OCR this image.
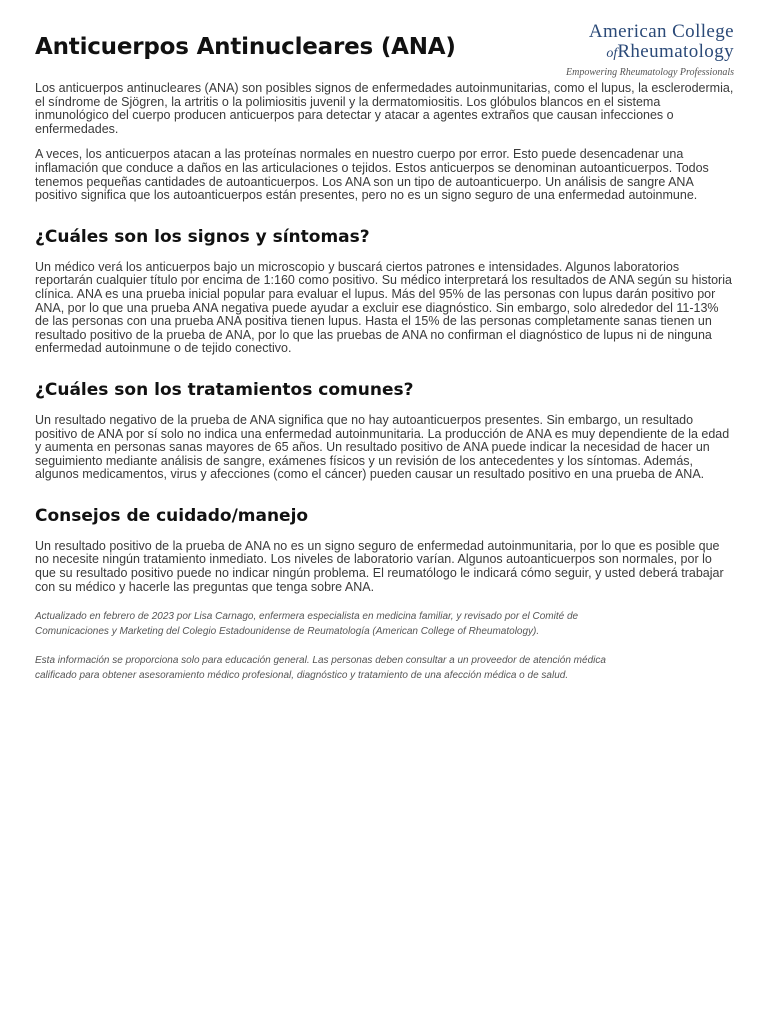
Anticuerpos Antinucleares (ANA)
American College
ofRheumatology
Empowering Rheumatology Professionals

Los anticuerpos antinucleares (ANA) son posibles signos de enfermedades autoinmunitarias, como el lupus, la esclerodermia, el síndrome de Sjögren, la artritis o la polimiositis juvenil y la dermatomiositis. Los glóbulos blancos en el sistema inmunológico del cuerpo producen anticuerpos para detectar y atacar a agentes extraños que causan infecciones o enfermedades.

A veces, los anticuerpos atacan a las proteínas normales en nuestro cuerpo por error. Esto puede desencadenar una inflamación que conduce a daños en las articulaciones o tejidos. Estos anticuerpos se denominan autoanticuerpos. Todos tenemos pequeñas cantidades de autoanticuerpos. Los ANA son un tipo de autoanticuerpo. Un análisis de sangre ANA positivo significa que los autoanticuerpos están presentes, pero no es un signo seguro de una enfermedad autoinmune.

¿Cuáles son los signos y síntomas?

Un médico verá los anticuerpos bajo un microscopio y buscará ciertos patrones e intensidades. Algunos laboratorios reportarán cualquier título por encima de 1:160 como positivo. Su médico interpretará los resultados de ANA según su historia clínica. ANA es una prueba inicial popular para evaluar el lupus. Más del 95% de las personas con lupus darán positivo por ANA, por lo que una prueba ANA negativa puede ayudar a excluir ese diagnóstico. Sin embargo, solo alrededor del 11-13% de las personas con una prueba ANA positiva tienen lupus. Hasta el 15% de las personas completamente sanas tienen un resultado positivo de la prueba de ANA, por lo que las pruebas de ANA no confirman el diagnóstico de lupus ni de ninguna enfermedad autoinmune o de tejido conectivo.

¿Cuáles son los tratamientos comunes?

Un resultado negativo de la prueba de ANA significa que no hay autoanticuerpos presentes. Sin embargo, un resultado positivo de ANA por sí solo no indica una enfermedad autoinmunitaria. La producción de ANA es muy dependiente de la edad y aumenta en personas sanas mayores de 65 años. Un resultado positivo de ANA puede indicar la necesidad de hacer un seguimiento mediante análisis de sangre, exámenes físicos y un revisión de los antecedentes y los síntomas. Además, algunos medicamentos, virus y afecciones (como el cáncer) pueden causar un resultado positivo en una prueba de ANA.

Consejos de cuidado/manejo

Un resultado positivo de la prueba de ANA no es un signo seguro de enfermedad autoinmunitaria, por lo que es posible que no necesite ningún tratamiento inmediato. Los niveles de laboratorio varían. Algunos autoanticuerpos son normales, por lo que su resultado positivo puede no indicar ningún problema. El reumatólogo le indicará cómo seguir, y usted deberá trabajar con su médico y hacerle las preguntas que tenga sobre ANA.

Actualizado en febrero de 2023 por Lisa Carnago, enfermera especialista en medicina familiar, y revisado por el Comité de
Comunicaciones y Marketing del Colegio Estadounidense de Reumatología (American College of Rheumatology).

Esta información se proporciona solo para educación general. Las personas deben consultar a un proveedor de atención médica
calificado para obtener asesoramiento médico profesional, diagnóstico y tratamiento de una afección médica o de salud.
